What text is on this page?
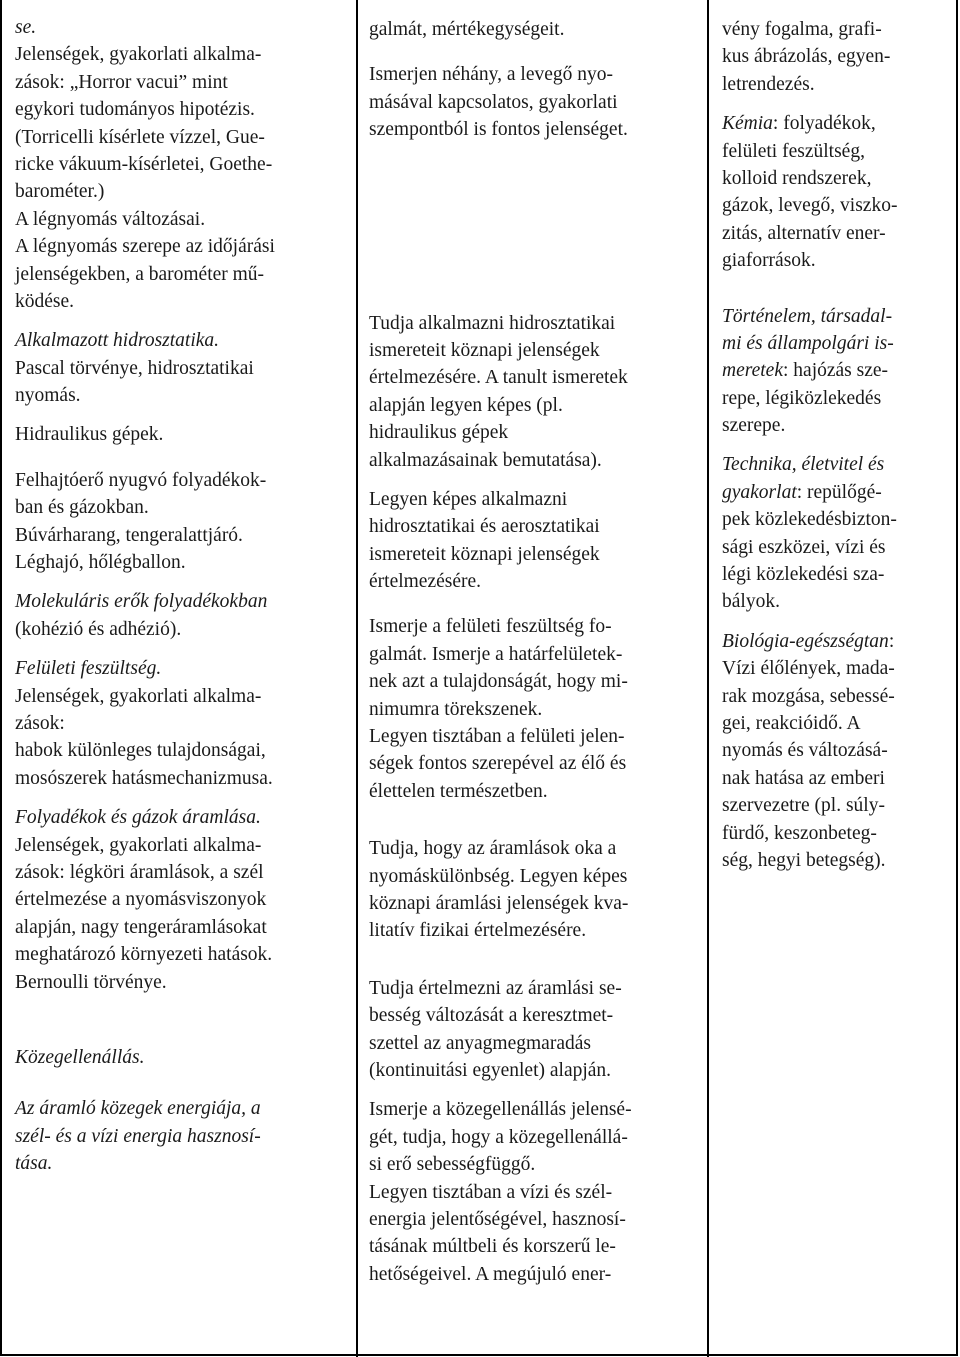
se.
Jelenségek, gyakorlati alkalma-
zások: „Horror vacui” mint
egykori tudományos hipotézis.
(Torricelli kísérlete vízzel, Gue-
ricke vákuum-kísérletei, Goethe-
barométer.)
A légnyomás változásai.
A légnyomás szerepe az időjárási
jelenségekben, a barométer mű-
ködése.
Alkalmazott hidrosztatika.
Pascal törvénye, hidrosztatikai
nyomás.
Hidraulikus gépek.
Felhajtóerő nyugvó folyadékok-
ban és gázokban.
Búvárharang, tengeralattjáró.
Léghajó, hőlégballon.
Molekuláris erők folyadékokban
(kohézió és adhézió).
Felületi feszültség.
Jelenségek, gyakorlati alkalma-
zások:
habok különleges tulajdonságai,
mosószerek hatásmechanizmusa.
Folyadékok és gázok áramlása.
Jelenségek, gyakorlati alkalma-
zások: légköri áramlások, a szél
értelmezése a nyomásviszonyok
alapján, nagy tengeráramlásokat
meghatározó környezeti hatások.
Bernoulli törvénye.
Közegellenállás.
Az áramló közegek energiája, a
szél- és a vízi energia hasznosí-
tása.
galmát, mértékegységeit.
Ismerjen néhány, a levegő nyo-
másával kapcsolatos, gyakorlati
szempontból is fontos jelenséget.
Tudja alkalmazni hidrosztatikai
ismereteit köznapi jelenségek
értelmezésére. A tanult ismeretek
alapján legyen képes (pl.
hidraulikus gépek
alkalmazásainak bemutatása).
Legyen képes alkalmazni
hidrosztatikai és aerosztatikai
ismereteit köznapi jelenségek
értelmezésére.
Ismerje a felületi feszültség fo-
galmát. Ismerje a határfelületek-
nek azt a tulajdonságát, hogy mi-
nimumra törekszenek.
Legyen tisztában a felületi jelen-
ségek fontos szerepével az élő és
élettelen természetben.
Tudja, hogy az áramlások oka a
nyomáskülönbség. Legyen képes
köznapi áramlási jelenségek kva-
litatív fizikai értelmezésére.
Tudja értelmezni az áramlási se-
besség változását a keresztmet-
szettel az anyagmegmaradás
(kontinuitási egyenlet) alapján.
Ismerje a közegellenállás jelensé-
gét, tudja, hogy a közegellenállá-
si erő sebességfüggő.
Legyen tisztában a vízi és szél-
energia jelentőségével, hasznosí-
tásának múltbeli és korszerű le-
hetőségeivel. A megújuló ener-
vény fogalma, grafi-
kus ábrázolás, egyen-
letrendezés.
Kémia: folyadékok,
felületi feszültség,
kolloid rendszerek,
gázok, levegő, viszko-
zitás, alternatív ener-
giaforrások.
Történelem, társadal-
mi és állampolgári is-
meretek: hajózás sze-
repe, légiközlekedés
szerepe.
Technika, életvitel és
gyakorlat: repülőgé-
pek közlekedésbizton-
sági eszközei, vízi és
légi közlekedési sza-
bályok.
Biológia-egészségtan:
Vízi élőlények, mada-
rak mozgása, sebessé-
gei, reakcióidő. A
nyomás és változásá-
nak hatása az emberi
szervezetre (pl. súly-
fürdő, keszonbeteg-
ség, hegyi betegség).
